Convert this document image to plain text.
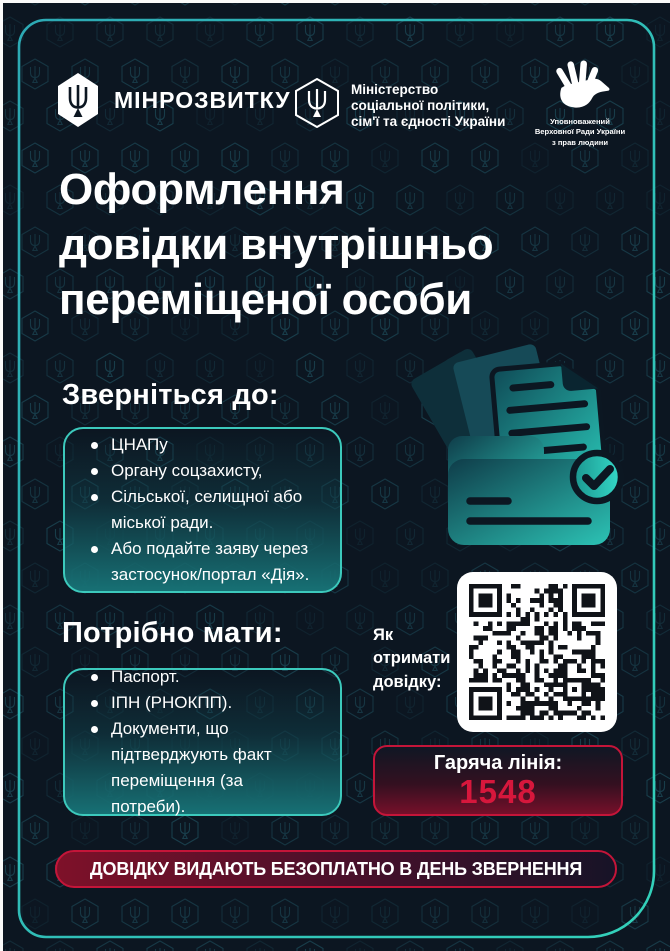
МІНРОЗВИТКУ	Міністерство
соціальної політики,
сім'ї та єдності України	Уповноважений
Верховної Ради України
з прав людини
Оформлення
довідки внутрішньо
переміщеної особи
Зверніться до:
ЦНАПу
Органу соцзахисту,
Сільської, селищної або міської ради.
Або подайте заяву через застосунок/портал «Дія».
Потрібно мати:
Паспорт.
ІПН (РНОКПП).
Документи, що підтверджують факт переміщення (за потреби).
Як отримати довідку:
Гаряча лінія:
1548
ДОВІДКУ ВИДАЮТЬ БЕЗОПЛАТНО В ДЕНЬ ЗВЕРНЕННЯ
